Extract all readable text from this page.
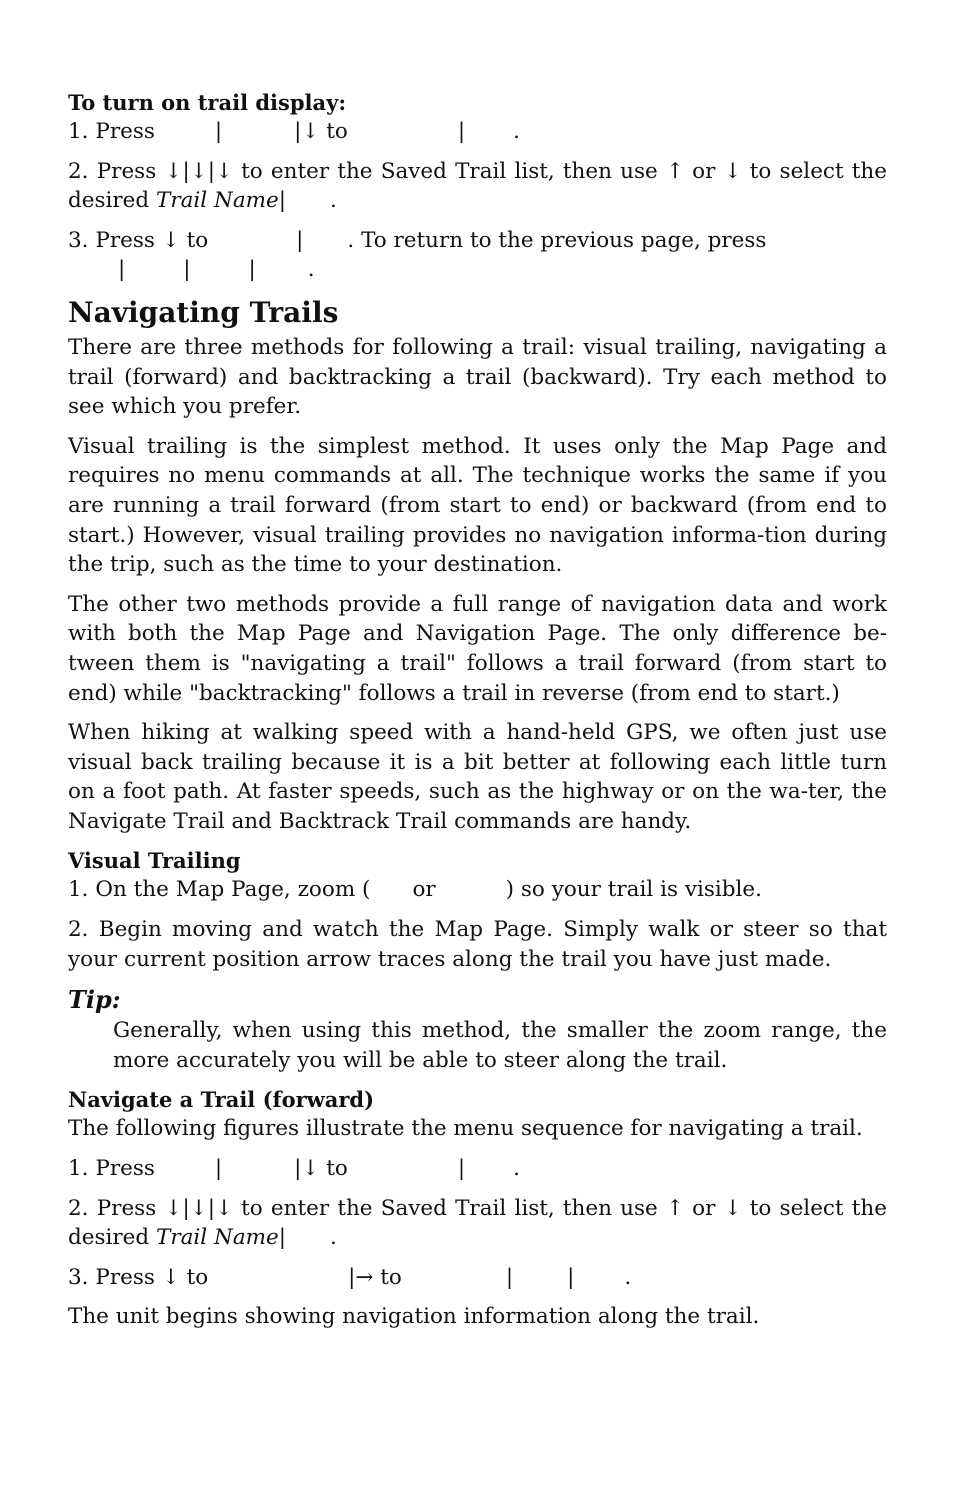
To turn on trail display:

1. Press	|	|↓ to	| .

2. Press ↓|↓|↓ to enter the Saved Trail list, then use ↑ or ↓ to select the desired Trail Name| .

3. Press ↓ to	| . To return to the previous page, press
|	|	| .

Navigating Trails

There are three methods for following a trail: visual trailing, navigating a trail (forward) and backtracking a trail (backward). Try each method to see which you prefer.

Visual trailing is the simplest method. It uses only the Map Page and requires no menu commands at all. The technique works the same if you are running a trail forward (from start to end) or backward (from end to start.) However, visual trailing provides no navigation informa-tion during the trip, such as the time to your destination.

The other two methods provide a full range of navigation data and work with both the Map Page and Navigation Page. The only difference be-tween them is "navigating a trail" follows a trail forward (from start to end) while "backtracking" follows a trail in reverse (from end to start.)

When hiking at walking speed with a hand-held GPS, we often just use visual back trailing because it is a bit better at following each little turn on a foot path. At faster speeds, such as the highway or on the wa-ter, the Navigate Trail and Backtrack Trail commands are handy.

Visual Trailing

1. On the Map Page, zoom ( or	) so your trail is visible.

2. Begin moving and watch the Map Page. Simply walk or steer so that your current position arrow traces along the trail you have just made.

Tip:

Generally, when using this method, the smaller the zoom range, the more accurately you will be able to steer along the trail.

Navigate a Trail (forward)

The following figures illustrate the menu sequence for navigating a trail.

1. Press	|	|↓ to	| .

2. Press ↓|↓|↓ to enter the Saved Trail list, then use ↑ or ↓ to select the desired Trail Name| .

3. Press ↓ to	|→ to	|	| .

The unit begins showing navigation information along the trail.
